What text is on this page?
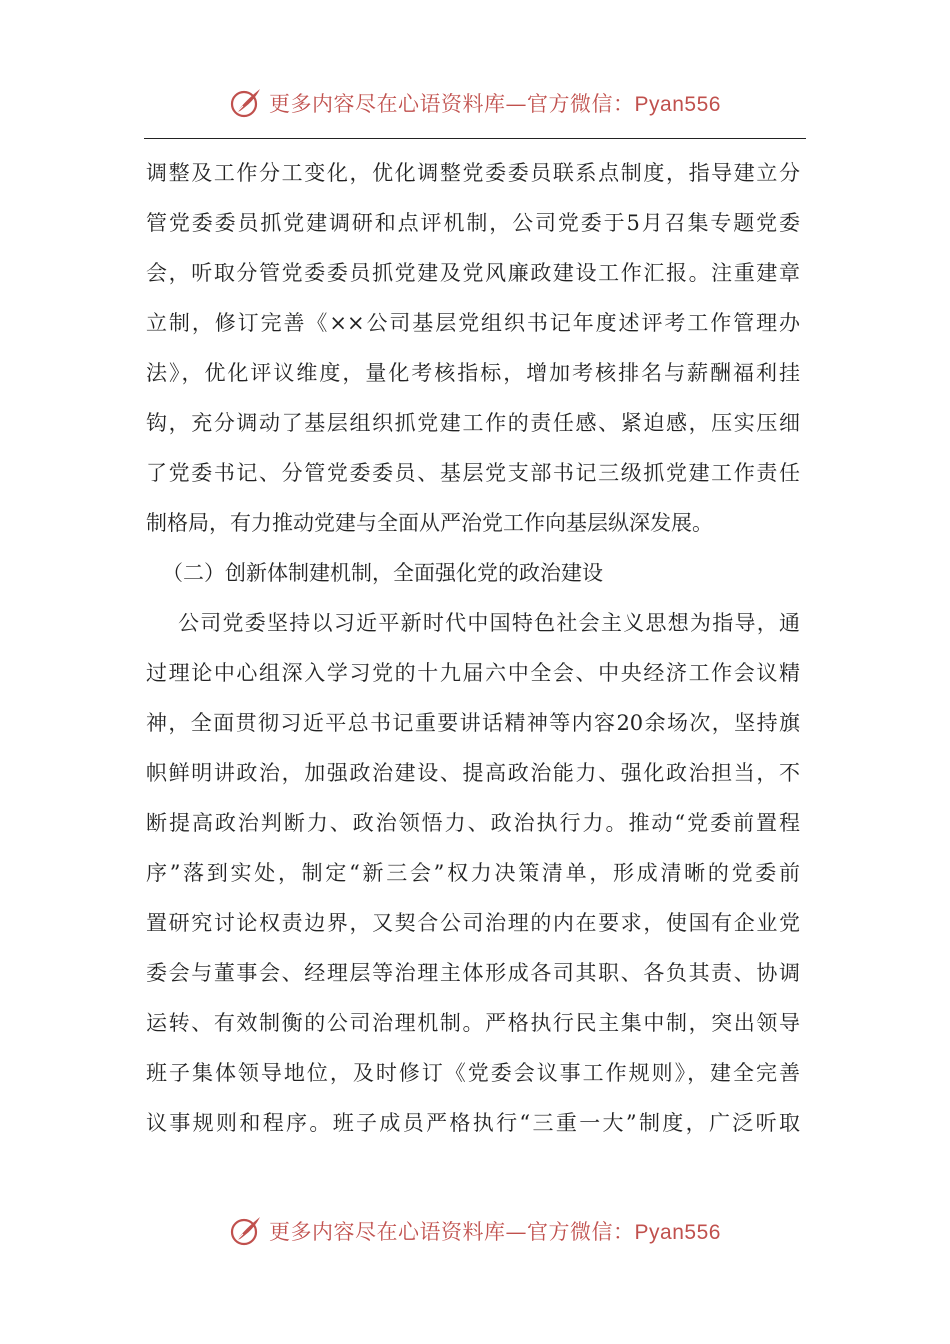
更多内容尽在心语资料库—官方微信：Pyan556
调整及工作分工变化，优化调整党委委员联系点制度，指导建立分
管党委委员抓党建调研和点评机制，公司党委于5月召集专题党委
会，听取分管党委委员抓党建及党风廉政建设工作汇报。注重建章
立制，修订完善《××公司基层党组织书记年度述评考工作管理办
法》，优化评议维度，量化考核指标，增加考核排名与薪酬福利挂
钩，充分调动了基层组织抓党建工作的责任感、紧迫感，压实压细
了党委书记、分管党委委员、基层党支部书记三级抓党建工作责任
制格局，有力推动党建与全面从严治党工作向基层纵深发展。
（二）创新体制建机制，全面强化党的政治建设
公司党委坚持以习近平新时代中国特色社会主义思想为指导，通
过理论中心组深入学习党的十九届六中全会、中央经济工作会议精
神，全面贯彻习近平总书记重要讲话精神等内容20余场次，坚持旗
帜鲜明讲政治，加强政治建设、提高政治能力、强化政治担当，不
断提高政治判断力、政治领悟力、政治执行力。推动“党委前置程
序”落到实处，制定“新三会”权力决策清单，形成清晰的党委前
置研究讨论权责边界，又契合公司治理的内在要求，使国有企业党
委会与董事会、经理层等治理主体形成各司其职、各负其责、协调
运转、有效制衡的公司治理机制。严格执行民主集中制，突出领导
班子集体领导地位，及时修订《党委会议事工作规则》，建全完善
议事规则和程序。班子成员严格执行“三重一大”制度，广泛听取
更多内容尽在心语资料库—官方微信：Pyan556
